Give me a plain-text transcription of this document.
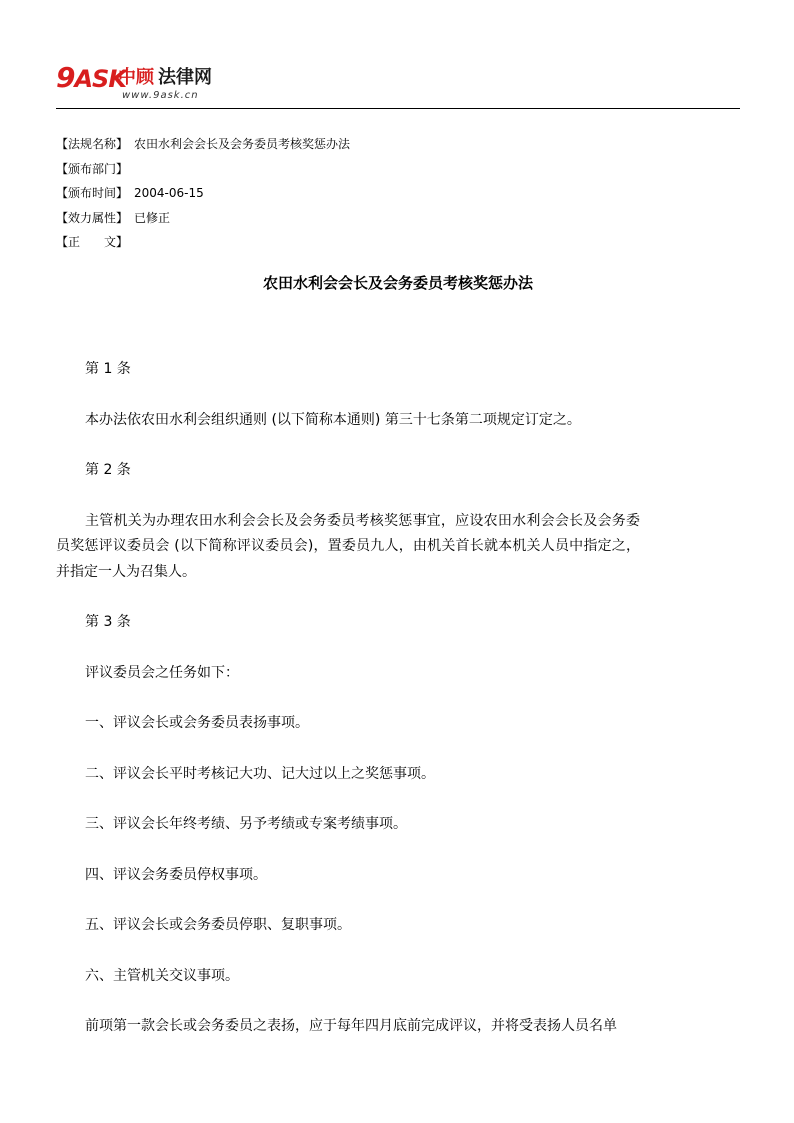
9ASK
中顾 法律网
www.9ask.cn
【法规名称】 农田水利会会长及会务委员考核奖惩办法
【颁布部门】
【颁布时间】 2004-06-15
【效力属性】 已修正
【正　　文】
农田水利会会长及会务委员考核奖惩办法

第 1 条

本办法依农田水利会组织通则 (以下简称本通则) 第三十七条第二项规定订定之。

第 2 条

主管机关为办理农田水利会会长及会务委员考核奖惩事宜，应设农田水利会会长及会务委员奖惩评议委员会 (以下简称评议委员会)，置委员九人，由机关首长就本机关人员中指定之，并指定一人为召集人。

第 3 条

评议委员会之任务如下：

一、评议会长或会务委员表扬事项。

二、评议会长平时考核记大功、记大过以上之奖惩事项。

三、评议会长年终考绩、另予考绩或专案考绩事项。

四、评议会务委员停权事项。

五、评议会长或会务委员停职、复职事项。

六、主管机关交议事项。

前项第一款会长或会务委员之表扬，应于每年四月底前完成评议，并将受表扬人员名单
